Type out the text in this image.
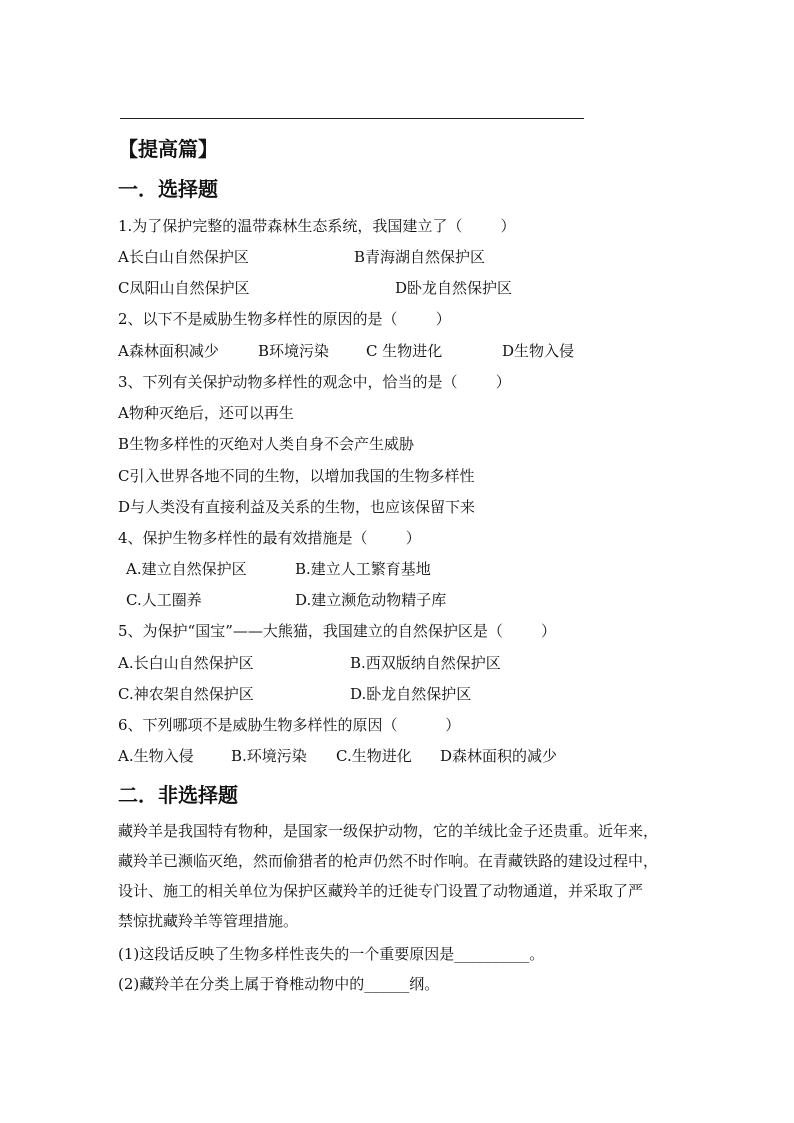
【提高篇】
一．选择题
1.为了保护完整的温带森林生态系统，我国建立了（        ）
A长白山自然保护区	B青海湖自然保护区
C凤阳山自然保护区	D卧龙自然保护区
2、以下不是威胁生物多样性的原因的是（        ）
A森林面积减少	B环境污染 C 生物进化	D生物入侵
3、下列有关保护动物多样性的观念中，恰当的是（        ）
A物种灭绝后，还可以再生
B生物多样性的灭绝对人类自身不会产生威胁
C引入世界各地不同的生物，以增加我国的生物多样性
D与人类没有直接利益及关系的生物，也应该保留下来
4、保护生物多样性的最有效措施是（        ）
A.建立自然保护区	B.建立人工繁育基地
C.人工圈养	D.建立濒危动物精子库
5、为保护“国宝”——大熊猫，我国建立的自然保护区是（        ）
A.长白山自然保护区	B.西双版纳自然保护区
C.神农架自然保护区	D.卧龙自然保护区
6、下列哪项不是威胁生物多样性的原因（          ）
A.生物入侵 B.环境污染 C.生物进化 D森林面积的减少
二．非选择题
藏羚羊是我国特有物种，是国家一级保护动物，它的羊绒比金子还贵重。近年来，
藏羚羊已濒临灭绝，然而偷猎者的枪声仍然不时作响。在青藏铁路的建设过程中，
设计、施工的相关单位为保护区藏羚羊的迁徙专门设置了动物通道，并采取了严
禁惊扰藏羚羊等管理措施。
(1)这段话反映了生物多样性丧失的一个重要原因是__________。
(2)藏羚羊在分类上属于脊椎动物中的______纲。
